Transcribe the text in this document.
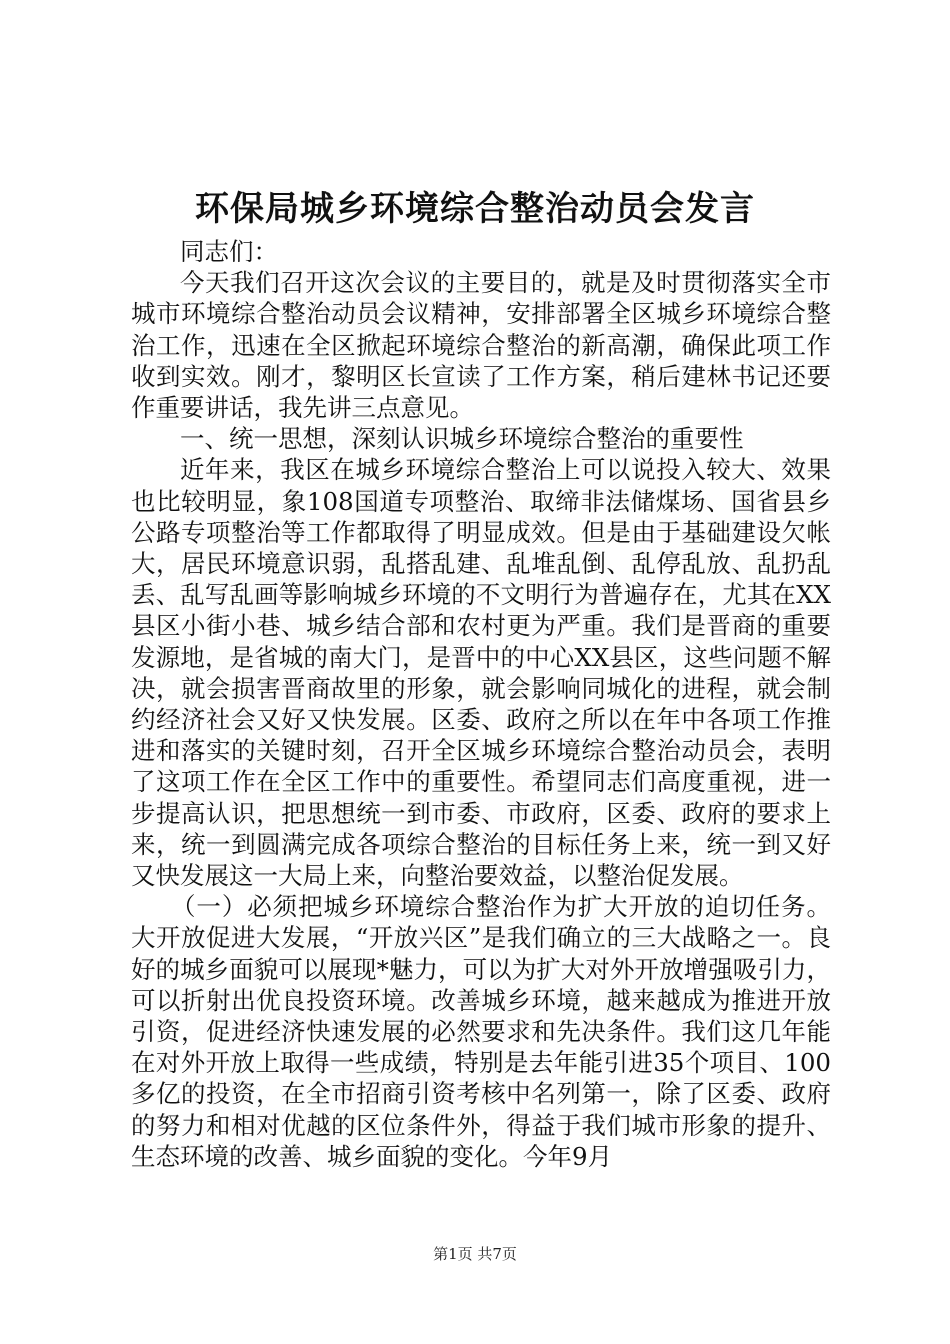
环保局城乡环境综合整治动员会发言

同志们：

今天我们召开这次会议的主要目的，就是及时贯彻落实全市城市环境综合整治动员会议精神，安排部署全区城乡环境综合整治工作，迅速在全区掀起环境综合整治的新高潮，确保此项工作收到实效。刚才，黎明区长宣读了工作方案，稍后建林书记还要作重要讲话，我先讲三点意见。

一、统一思想，深刻认识城乡环境综合整治的重要性

近年来，我区在城乡环境综合整治上可以说投入较大、效果也比较明显，象108国道专项整治、取缔非法储煤场、国省县乡公路专项整治等工作都取得了明显成效。但是由于基础建设欠帐大，居民环境意识弱，乱搭乱建、乱堆乱倒、乱停乱放、乱扔乱丢、乱写乱画等影响城乡环境的不文明行为普遍存在，尤其在XX县区小街小巷、城乡结合部和农村更为严重。我们是晋商的重要发源地，是省城的南大门，是晋中的中心XX县区，这些问题不解决，就会损害晋商故里的形象，就会影响同城化的进程，就会制约经济社会又好又快发展。区委、政府之所以在年中各项工作推进和落实的关键时刻，召开全区城乡环境综合整治动员会，表明了这项工作在全区工作中的重要性。希望同志们高度重视，进一步提高认识，把思想统一到市委、市政府，区委、政府的要求上来，统一到圆满完成各项综合整治的目标任务上来，统一到又好又快发展这一大局上来，向整治要效益，以整治促发展。

（一）必须把城乡环境综合整治作为扩大开放的迫切任务。大开放促进大发展，“开放兴区”是我们确立的三大战略之一。良好的城乡面貌可以展现*魅力，可以为扩大对外开放增强吸引力，可以折射出优良投资环境。改善城乡环境，越来越成为推进开放引资，促进经济快速发展的必然要求和先决条件。我们这几年能在对外开放上取得一些成绩，特别是去年能引进35个项目、100多亿的投资，在全市招商引资考核中名列第一，除了区委、政府的努力和相对优越的区位条件外，得益于我们城市形象的提升、生态环境的改善、城乡面貌的变化。今年9月

第1页 共7页
